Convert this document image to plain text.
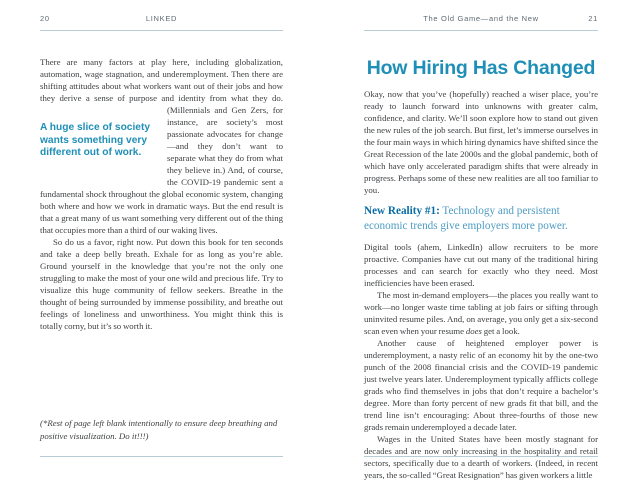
20	LINKED

There are many factors at play here, including globalization, automation, wage stagnation, and underemployment. Then there are shifting attitudes about what workers want out of their jobs and how they derive a sense of purpose and identity from what they
A huge slice of society wants something very different out of work.
do. (Millennials and Gen Zers, for instance, are society’s most passionate advocates for change—and they don’t want to separate what they do from what they believe in.) And, of course, the COVID-19 pandemic sent a fundamental shock throughout the global economic system, changing both where and how we work in dramatic ways. But the end result is that a great many of us want something very different out of the thing that occupies more than a third of our waking lives.

So do us a favor, right now. Put down this book for ten seconds and take a deep belly breath. Exhale for as long as you’re able. Ground yourself in the knowledge that you’re not the only one struggling to make the most of your one wild and precious life. Try to visualize this huge community of fellow seekers. Breathe in the thought of being surrounded by immense possibility, and breathe out feelings of loneliness and unworthiness. You might think this is totally corny, but it’s so worth it.

(*Rest of page left blank intentionally to ensure deep breathing and positive visualization. Do it!!!)
The Old Game—and the New	21
How Hiring Has Changed

Okay, now that you’ve (hopefully) reached a wiser place, you’re ready to launch forward into unknowns with greater calm, confidence, and clarity. We’ll soon explore how to stand out given the new rules of the job search. But first, let’s immerse ourselves in the four main ways in which hiring dynamics have shifted since the Great Recession of the late 2000s and the global pandemic, both of which have only accelerated paradigm shifts that were already in progress. Perhaps some of these new realities are all too familiar to you.

New Reality #1: Technology and persistent economic trends give employers more power.

Digital tools (ahem, LinkedIn) allow recruiters to be more proactive. Companies have cut out many of the traditional hiring processes and can search for exactly who they need. Most inefficiencies have been erased.

The most in-demand employers—the places you really want to work—no longer waste time tabling at job fairs or sifting through uninvited resume piles. And, on average, you only get a six-second scan even when your resume does get a look.

Another cause of heightened employer power is underemployment, a nasty relic of an economy hit by the one-two punch of the 2008 financial crisis and the COVID-19 pandemic just twelve years later. Underemployment typically afflicts college grads who find themselves in jobs that don’t require a bachelor’s degree. More than forty percent of new grads fit that bill, and the trend line isn’t encouraging: About three-fourths of those new grads remain underemployed a decade later.

Wages in the United States have been mostly stagnant for decades and are now only increasing in the hospitality and retail sectors, specifically due to a dearth of workers. (Indeed, in recent years, the so-called “Great Resignation” has given workers a little
